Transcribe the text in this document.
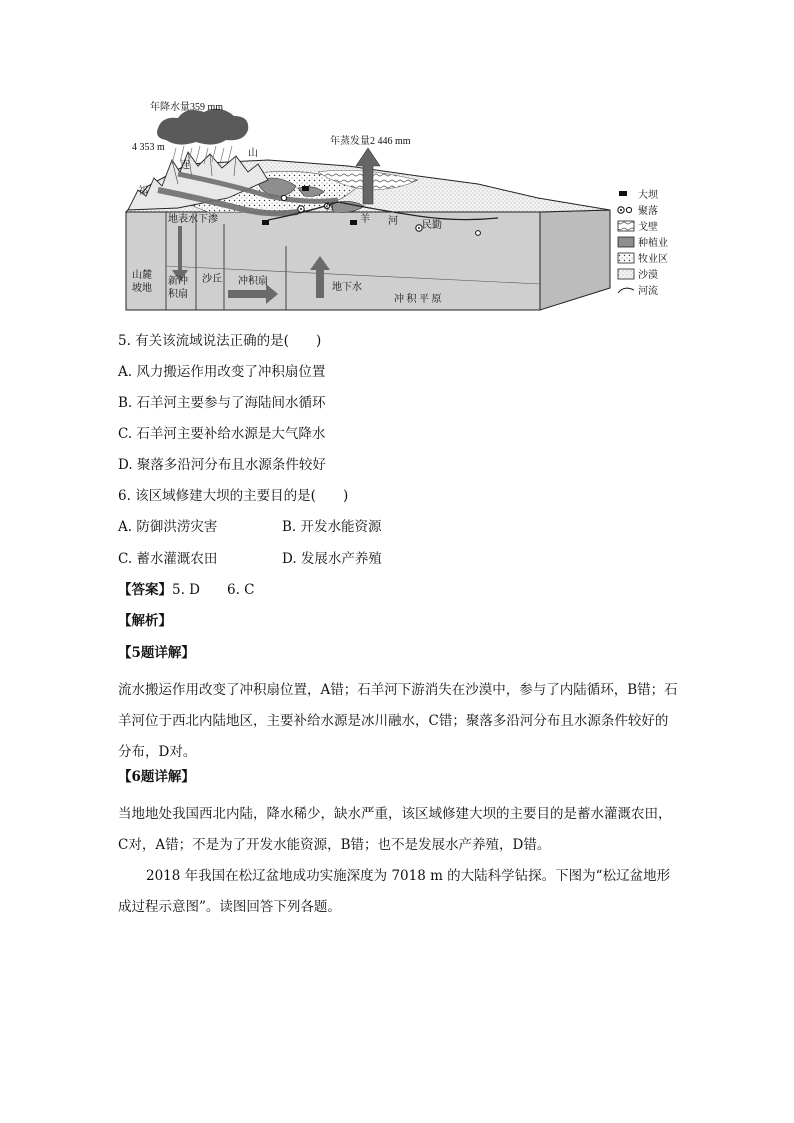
年降水量359 mm
4 353 m
年蒸发量2 446 mm
连
山
祁
地表水下渗
石
羊 河 民勤
山麓坡地
新冲积扇
沙丘 冲积扇
地下水
冲 积 平 原
大坝
聚落
戈壁
种植业
牧业区
沙漠
河流
5. 有关该流域说法正确的是(　　)
A. 风力搬运作用改变了冲积扇位置
B. 石羊河主要参与了海陆间水循环
C. 石羊河主要补给水源是大气降水
D. 聚落多沿河分布且水源条件较好
6. 该区域修建大坝的主要目的是(　　)
A. 防御洪涝灾害	B. 开发水能资源
C. 蓄水灌溉农田	D. 发展水产养殖
【答案】5. D　　6. C
【解析】
【5题详解】
流水搬运作用改变了冲积扇位置，A错；石羊河下游消失在沙漠中，参与了内陆循环，B错；石羊河位于西北内陆地区，主要补给水源是冰川融水，C错；聚落多沿河分布且水源条件较好的分布，D对。
【6题详解】
当地地处我国西北内陆，降水稀少，缺水严重，该区域修建大坝的主要目的是蓄水灌溉农田，C对，A错；不是为了开发水能资源，B错；也不是发展水产养殖，D错。
2018 年我国在松辽盆地成功实施深度为 7018 m 的大陆科学钻探。下图为“松辽盆地形成过程示意图”。读图回答下列各题。
